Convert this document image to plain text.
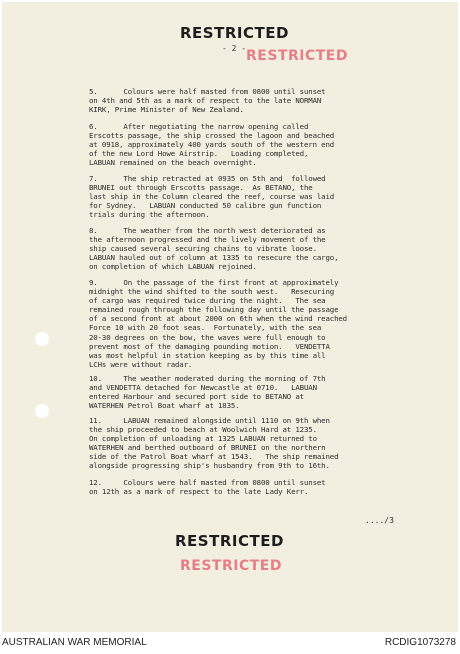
RESTRICTED
RESTRICTED
- 2 -
5.      Colours were half masted from 0800 until sunset
on 4th and 5th as a mark of respect to the late NORMAN
KIRK, Prime Minister of New Zealand.
6.      After negotiating the narrow opening called
Erscotts passage, the ship crossed the lagoon and beached
at 0918, approximately 400 yards south of the western end
of the new Lord Howe Airstrip.   Loading completed,
LABUAN remained on the beach overnight.
7.      The ship retracted at 0935 on 5th and  followed
BRUNEI out through Erscotts passage.  As BETANO, the
last ship in the Column cleared the reef, course was laid
for Sydney.   LABUAN conducted 50 calibre gun function
trials during the afternoon.
8.      The weather from the north west deteriorated as
the afternoon progressed and the lively movement of the
ship caused several securing chains to vibrate loose.
LABUAN hauled out of column at 1335 to resecure the cargo,
on completion of which LABUAN rejoined.
9.      On the passage of the first front at approximately
midnight the wind shifted to the south west.   Resecuring
of cargo was required twice during the night.   The sea
remained rough through the following day until the passage
of a second front at about 2000 on 6th when the wind reached
Force 10 with 20 foot seas.  Fortunately, with the sea
20-30 degrees on the bow, the waves were full enough to
prevent most of the damaging pounding motion.   VENDETTA
was most helpful in station keeping as by this time all
LCHs were without radar.
10.     The weather moderated during the morning of 7th
and VENDETTA detached for Newcastle at 0710.   LABUAN
entered Harbour and secured port side to BETANO at
WATERHEN Petrol Boat wharf at 1835.
11.     LABUAN remained alongside until 1110 on 9th when
the ship proceeded to beach at Woolwich Hard at 1235.
On completion of unloading at 1325 LABUAN returned to
WATERHEN and berthed outboard of BRUNEI on the northern
side of the Patrol Boat wharf at 1543.   The ship remained
alongside progressing ship's husbandry from 9th to 16th.
12.     Colours were half masted from 0800 until sunset
on 12th as a mark of respect to the late Lady Kerr.
..../3
RESTRICTED
RESTRICTED
AUSTRALIAN WAR MEMORIAL	RCDIG1073278
